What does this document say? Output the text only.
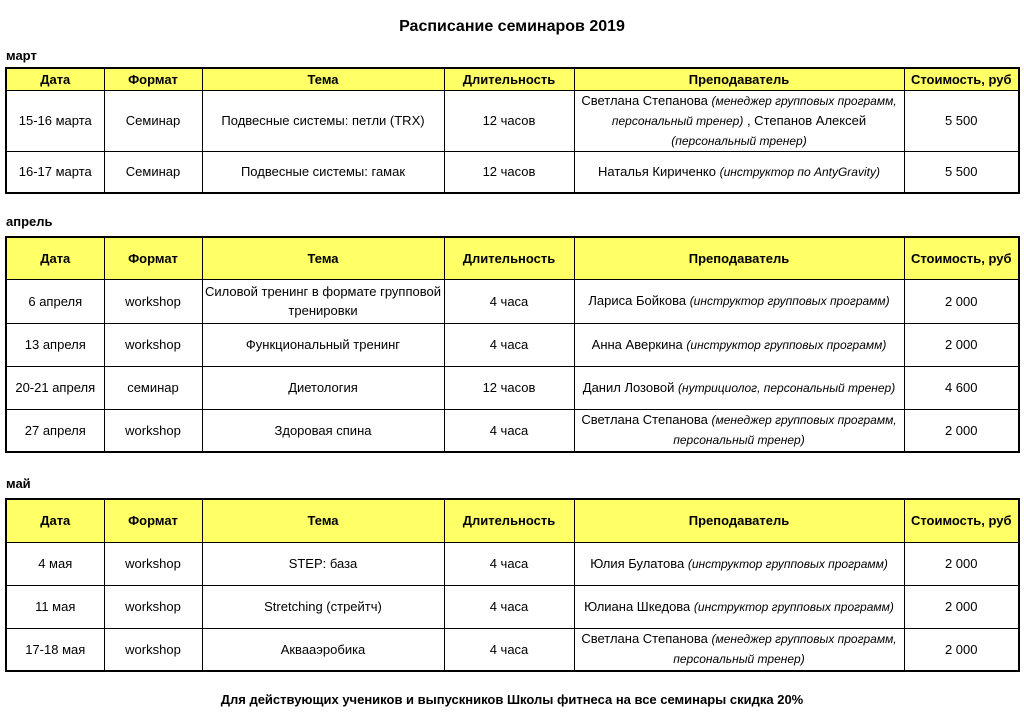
Расписание семинаров 2019
март
Дата	Формат	Тема	Длительность	Преподаватель	Стоимость, руб
15-16 марта	Семинар	Подвесные системы: петли (TRX)	12 часов	Светлана Степанова (менеджер групповых программ, персональный тренер) , Степанов Алексей (персональный тренер)	5 500
16-17 марта	Семинар	Подвесные системы: гамак	12 часов	Наталья Кириченко (инструктор по AntyGravity)	5 500
апрель
Дата	Формат	Тема	Длительность	Преподаватель	Стоимость, руб
6 апреля	workshop	Силовой тренинг в формате групповой тренировки	4 часа	Лариса Бойкова (инструктор групповых программ)	2 000
13 апреля	workshop	Функциональный тренинг	4 часа	Анна Аверкина (инструктор групповых программ)	2 000
20-21 апреля	семинар	Диетология	12 часов	Данил Лозовой (нутрициолог, персональный тренер)	4 600
27 апреля	workshop	Здоровая спина	4 часа	Светлана Степанова (менеджер групповых программ, персональный тренер)	2 000
май
Дата	Формат	Тема	Длительность	Преподаватель	Стоимость, руб
4 мая	workshop	STEP: база	4 часа	Юлия Булатова (инструктор групповых программ)	2 000
11 мая	workshop	Stretching (стрейтч)	4 часа	Юлиана Шкедова (инструктор групповых программ)	2 000
17-18 мая	workshop	Аквааэробика	4 часа	Светлана Степанова (менеджер групповых программ, персональный тренер)	2 000
Для действующих учеников и выпускников Школы фитнеса на все семинары скидка 20%
